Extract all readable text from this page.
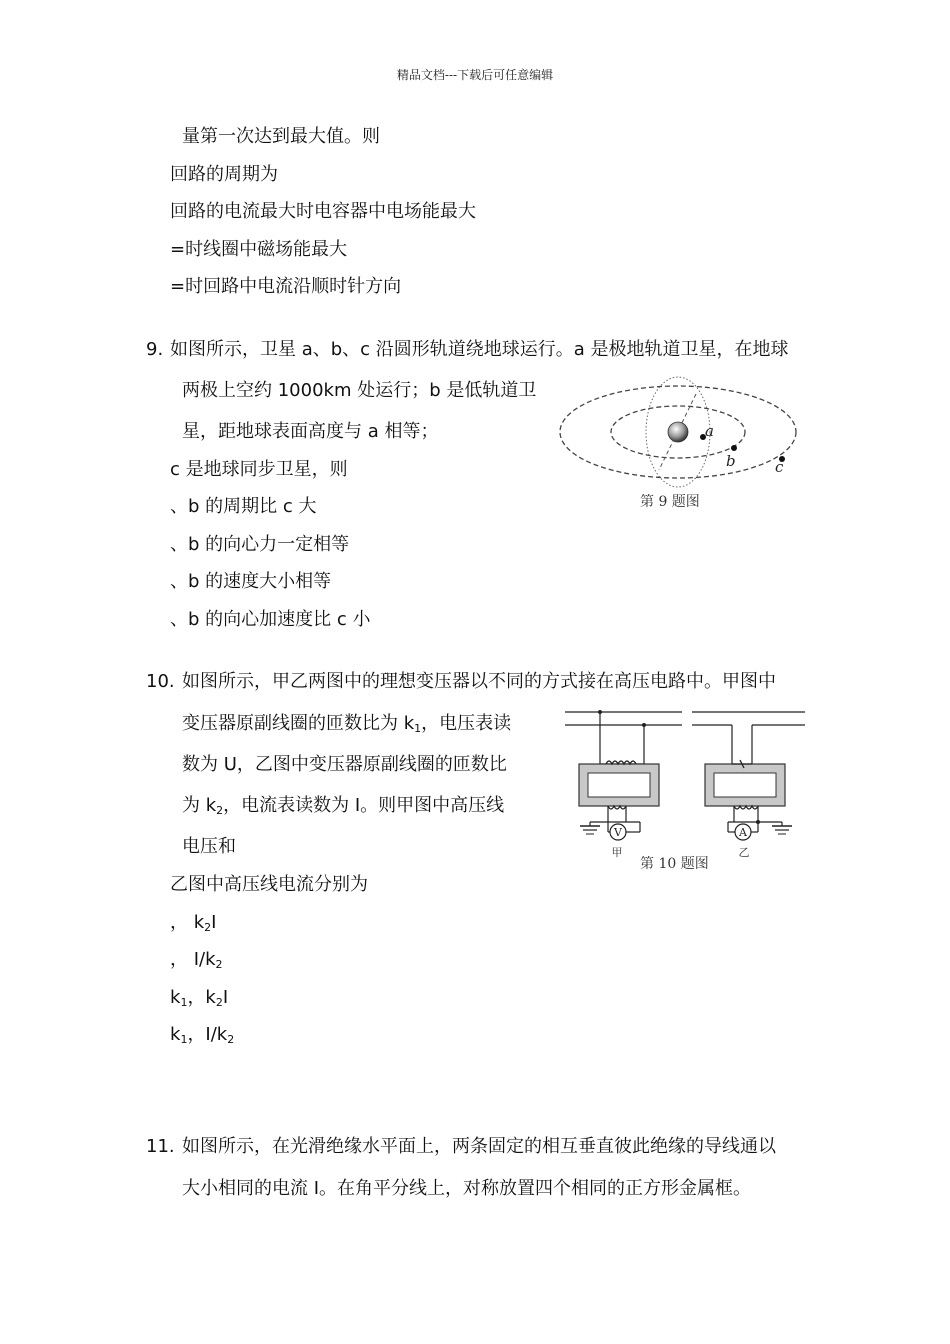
精品文档---下载后可任意编辑
量第一次达到最大值。则
回路的周期为
回路的电流最大时电容器中电场能最大
=时线圈中磁场能最大
=时回路中电流沿顺时针方向
9. 如图所示，卫星 a、b、c 沿圆形轨道绕地球运行。a 是极地轨道卫星，在地球
两极上空约 1000km 处运行；b 是低轨道卫
星，距地球表面高度与 a 相等；
c 是地球同步卫星，则
、b 的周期比 c 大
、b 的向心力一定相等
、b 的速度大小相等
、b 的向心加速度比 c 小
a
b	c
第 9 题图
10. 如图所示，甲乙两图中的理想变压器以不同的方式接在高压电路中。甲图中
变压器原副线圈的匝数比为 $k_1$，电压表读
数为 U，乙图中变压器原副线圈的匝数比
为 $k_2$，电流表读数为 I。则甲图中高压线
电压和
乙图中高压线电流分别为
， $k_2I$
， $I/k_2$
$k_1$，$k_2I$
$k_1$，$I/k_2$
V
甲
A
乙
第 10 题图
11. 如图所示，在光滑绝缘水平面上，两条固定的相互垂直彼此绝缘的导线通以
大小相同的电流 I。在角平分线上，对称放置四个相同的正方形金属框。
